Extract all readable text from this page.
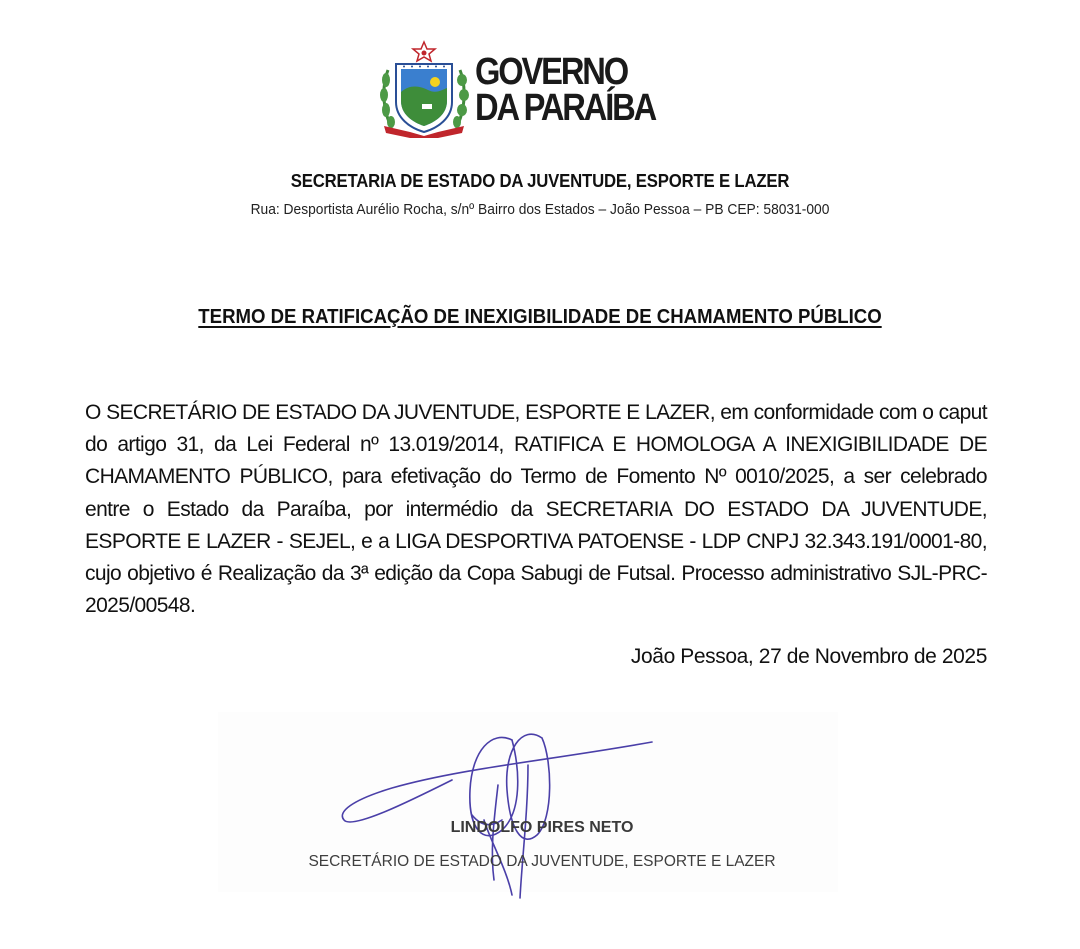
GOVERNO
DA PARAÍBA
SECRETARIA DE ESTADO DA JUVENTUDE, ESPORTE E LAZER
Rua: Desportista Aurélio Rocha, s/nº Bairro dos Estados – João Pessoa – PB CEP: 58031-000
TERMO DE RATIFICAÇÃO DE INEXIGIBILIDADE DE CHAMAMENTO PÚBLICO
O SECRETÁRIO DE ESTADO DA JUVENTUDE, ESPORTE E LAZER, em conformidade com o caput do artigo 31, da Lei Federal nº 13.019/2014, RATIFICA E HOMOLOGA A INEXIGIBILIDADE DE CHAMAMENTO PÚBLICO, para efetivação do Termo de Fomento Nº 0010/2025, a ser celebrado entre o Estado da Paraíba, por intermédio da SECRETARIA DO ESTADO DA JUVENTUDE, ESPORTE E LAZER - SEJEL, e a LIGA DESPORTIVA PATOENSE - LDP CNPJ 32.343.191/0001-80, cujo objetivo é Realização da 3ª edição da Copa Sabugi de Futsal. Processo administrativo SJL-PRC-2025/00548.
João Pessoa, 27 de Novembro de 2025
LINDOLFO PIRES NETO
SECRETÁRIO DE ESTADO DA JUVENTUDE, ESPORTE E LAZER
